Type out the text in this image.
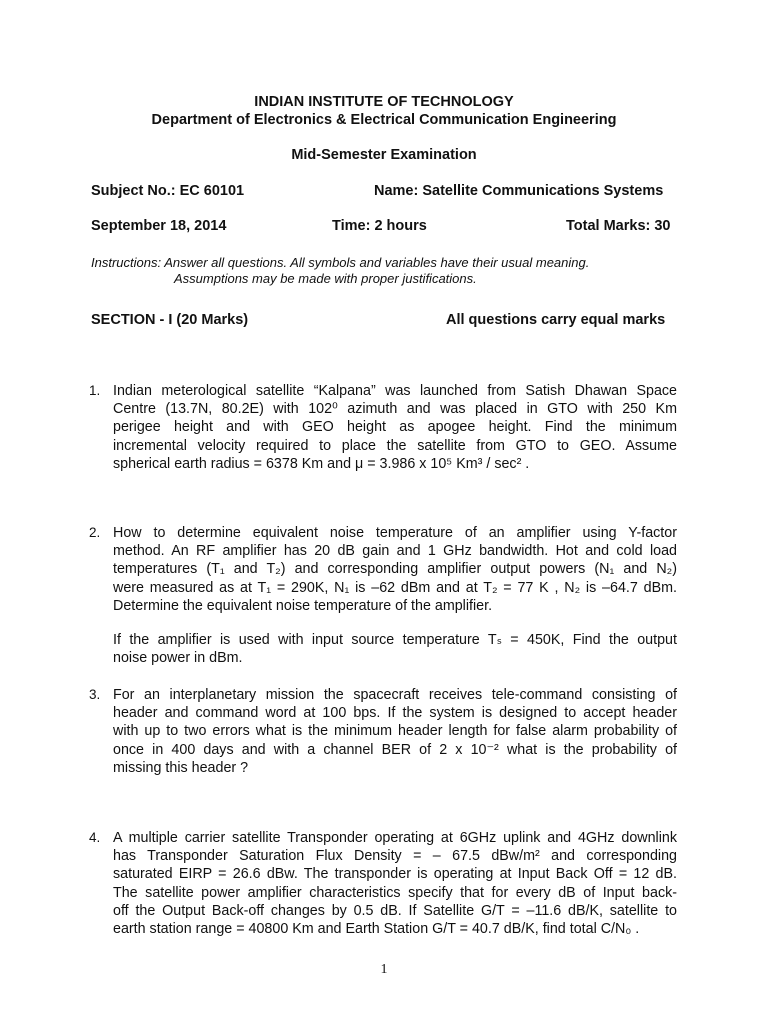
INDIAN INSTITUTE OF TECHNOLOGY
Department of Electronics & Electrical Communication Engineering
Mid-Semester Examination
Subject No.: EC 60101	Name: Satellite Communications Systems
September 18, 2014	Time: 2 hours	Total Marks: 30
Instructions: Answer all questions. All symbols and variables have their usual meaning.
Assumptions may be made with proper justifications.
SECTION - I (20 Marks)	All questions carry equal marks
1. Indian meterological satellite “Kalpana” was launched from Satish Dhawan Space
Centre (13.7N, 80.2E) with 102⁰ azimuth and was placed in GTO with 250 Km
perigee height and with GEO height as apogee height. Find the minimum
incremental velocity required to place the satellite from GTO to GEO. Assume
spherical earth radius = 6378 Km and μ = 3.986 x 10⁵ Km³ / sec² .
2. How to determine equivalent noise temperature of an amplifier using Y-factor
method. An RF amplifier has 20 dB gain and 1 GHz bandwidth. Hot and cold load
temperatures (T₁ and T₂) and corresponding amplifier output powers (N₁ and N₂)
were measured as at T₁ = 290K, N₁ is –62 dBm and at T₂ = 77 K , N₂ is –64.7 dBm.
Determine the equivalent noise temperature of the amplifier.
If the amplifier is used with input source temperature Tₛ = 450K, Find the output
noise power in dBm.
3. For an interplanetary mission the spacecraft receives tele-command consisting of
header and command word at 100 bps. If the system is designed to accept header
with up to two errors what is the minimum header length for false alarm probability of
once in 400 days and with a channel BER of 2 x 10⁻² what is the probability of
missing this header ?
4. A multiple carrier satellite Transponder operating at 6GHz uplink and 4GHz downlink
has Transponder Saturation Flux Density = – 67.5 dBw/m² and corresponding
saturated EIRP = 26.6 dBw. The transponder is operating at Input Back Off = 12 dB.
The satellite power amplifier characteristics specify that for every dB of Input back-
off the Output Back-off changes by 0.5 dB. If Satellite G/T = –11.6 dB/K, satellite to
earth station range = 40800 Km and Earth Station G/T = 40.7 dB/K, find total C/N₀ .
1
